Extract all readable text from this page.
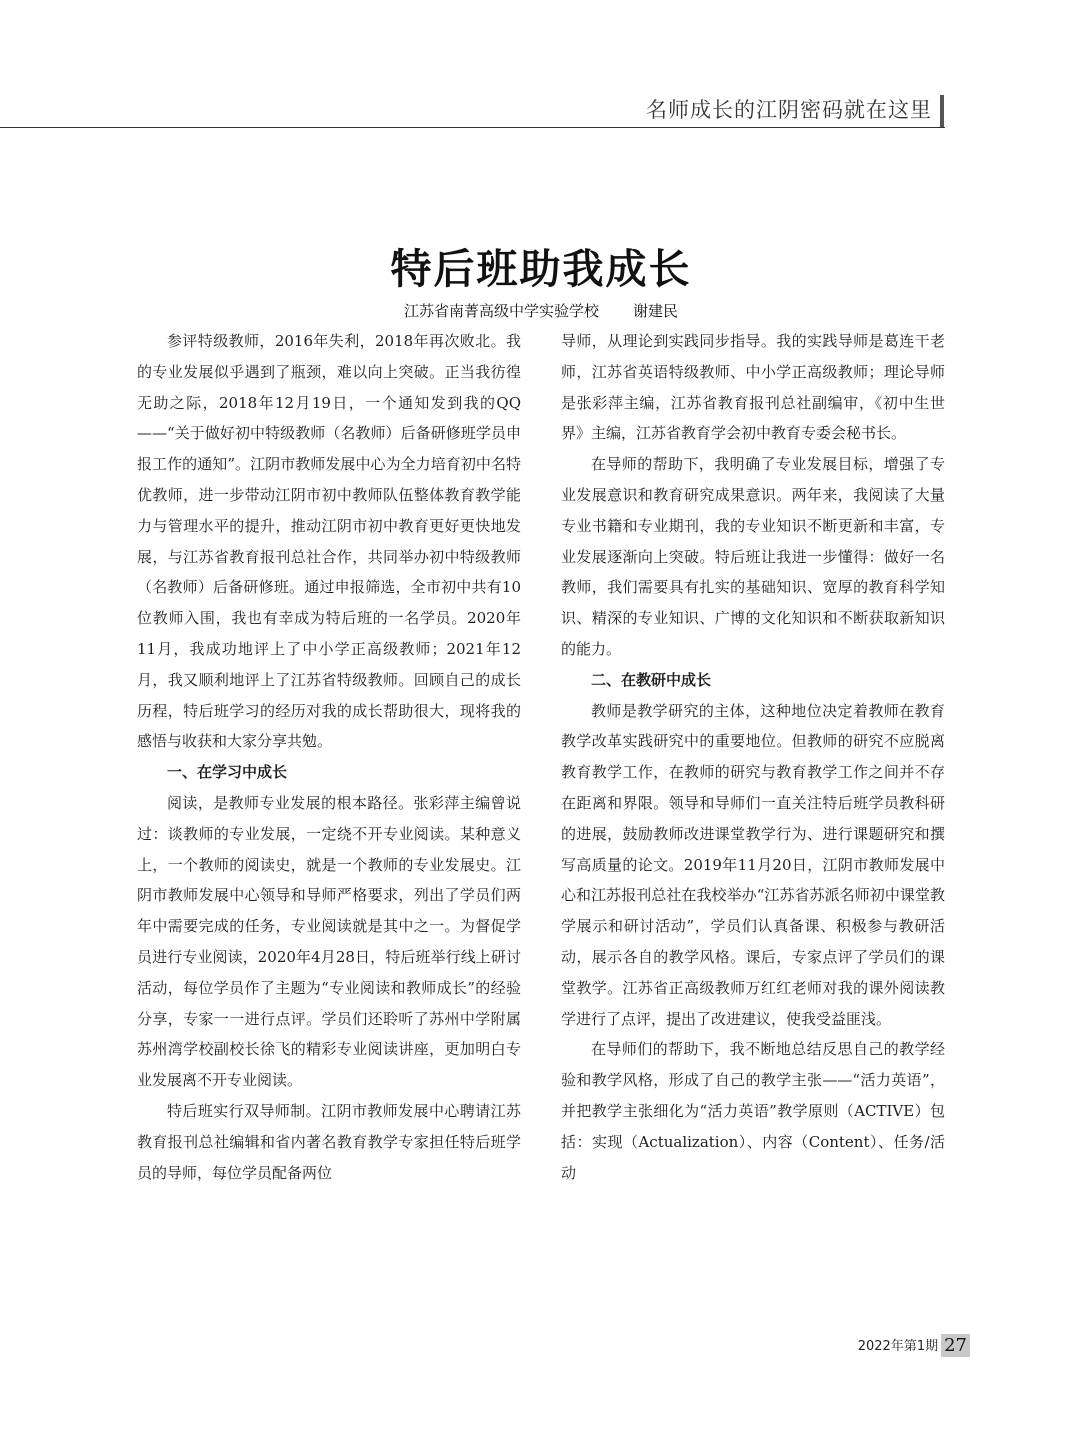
名师成长的江阴密码就在这里
特后班助我成长
江苏省南菁高级中学实验学校 谢建民

参评特级教师，2016年失利，2018年再次败北。我的专业发展似乎遇到了瓶颈，难以向上突破。正当我彷徨无助之际，2018年12月19日，一个通知发到我的QQ——“关于做好初中特级教师（名教师）后备研修班学员申报工作的通知”。江阴市教师发展中心为全力培育初中名特优教师，进一步带动江阴市初中教师队伍整体教育教学能力与管理水平的提升，推动江阴市初中教育更好更快地发展，与江苏省教育报刊总社合作，共同举办初中特级教师（名教师）后备研修班。通过申报筛选，全市初中共有10位教师入围，我也有幸成为特后班的一名学员。2020年11月，我成功地评上了中小学正高级教师；2021年12月，我又顺利地评上了江苏省特级教师。回顾自己的成长历程，特后班学习的经历对我的成长帮助很大，现将我的感悟与收获和大家分享共勉。

一、在学习中成长

阅读，是教师专业发展的根本路径。张彩萍主编曾说过：谈教师的专业发展，一定绕不开专业阅读。某种意义上，一个教师的阅读史，就是一个教师的专业发展史。江阴市教师发展中心领导和导师严格要求，列出了学员们两年中需要完成的任务，专业阅读就是其中之一。为督促学员进行专业阅读，2020年4月28日，特后班举行线上研讨活动，每位学员作了主题为“专业阅读和教师成长”的经验分享，专家一一进行点评。学员们还聆听了苏州中学附属苏州湾学校副校长徐飞的精彩专业阅读讲座，更加明白专业发展离不开专业阅读。

特后班实行双导师制。江阴市教师发展中心聘请江苏教育报刊总社编辑和省内著名教育教学专家担任特后班学员的导师，每位学员配备两位

导师，从理论到实践同步指导。我的实践导师是葛连干老师，江苏省英语特级教师、中小学正高级教师；理论导师是张彩萍主编，江苏省教育报刊总社副编审，《初中生世界》主编，江苏省教育学会初中教育专委会秘书长。

在导师的帮助下，我明确了专业发展目标，增强了专业发展意识和教育研究成果意识。两年来，我阅读了大量专业书籍和专业期刊，我的专业知识不断更新和丰富，专业发展逐渐向上突破。特后班让我进一步懂得：做好一名教师，我们需要具有扎实的基础知识、宽厚的教育科学知识、精深的专业知识、广博的文化知识和不断获取新知识的能力。

二、在教研中成长

教师是教学研究的主体，这种地位决定着教师在教育教学改革实践研究中的重要地位。但教师的研究不应脱离教育教学工作，在教师的研究与教育教学工作之间并不存在距离和界限。领导和导师们一直关注特后班学员教科研的进展，鼓励教师改进课堂教学行为、进行课题研究和撰写高质量的论文。2019年11月20日，江阴市教师发展中心和江苏报刊总社在我校举办“江苏省苏派名师初中课堂教学展示和研讨活动”，学员们认真备课、积极参与教研活动，展示各自的教学风格。课后，专家点评了学员们的课堂教学。江苏省正高级教师万红红老师对我的课外阅读教学进行了点评，提出了改进建议，使我受益匪浅。

在导师们的帮助下，我不断地总结反思自己的教学经验和教学风格，形成了自己的教学主张——“活力英语”，并把教学主张细化为“活力英语”教学原则（ACTIVE）包括：实现（Actualization）、内容（Content）、任务/活动

2022年第1期 27
